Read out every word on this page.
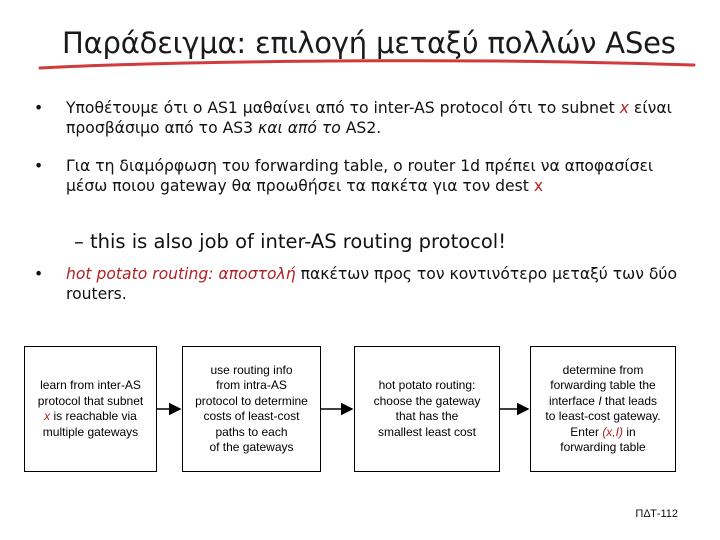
Παράδειγμα: επιλογή μεταξύ πολλών ASes
• Υποθέτουμε ότι ο AS1 μαθαίνει από το inter-AS protocol ότι το subnet x είναι προσβάσιμο από το AS3 και από το AS2.
• Για τη διαμόρφωση του forwarding table, ο router 1d πρέπει να αποφασίσει μέσω ποιου gateway θα προωθήσει τα πακέτα για τον dest x
– this is also job of inter-AS routing protocol!
• hot potato routing: αποστολή πακέτων προς τον κοντινότερο μεταξύ των δύο routers.
learn from inter-AS
protocol that subnet
x is reachable via
multiple gateways
use routing info
from intra-AS
protocol to determine
costs of least-cost
paths to each
of the gateways
hot potato routing:
choose the gateway
that has the
smallest least cost
determine from
forwarding table the
interface I that leads
to least-cost gateway.
Enter (x,I) in
forwarding table
ΠΔΤ-112
